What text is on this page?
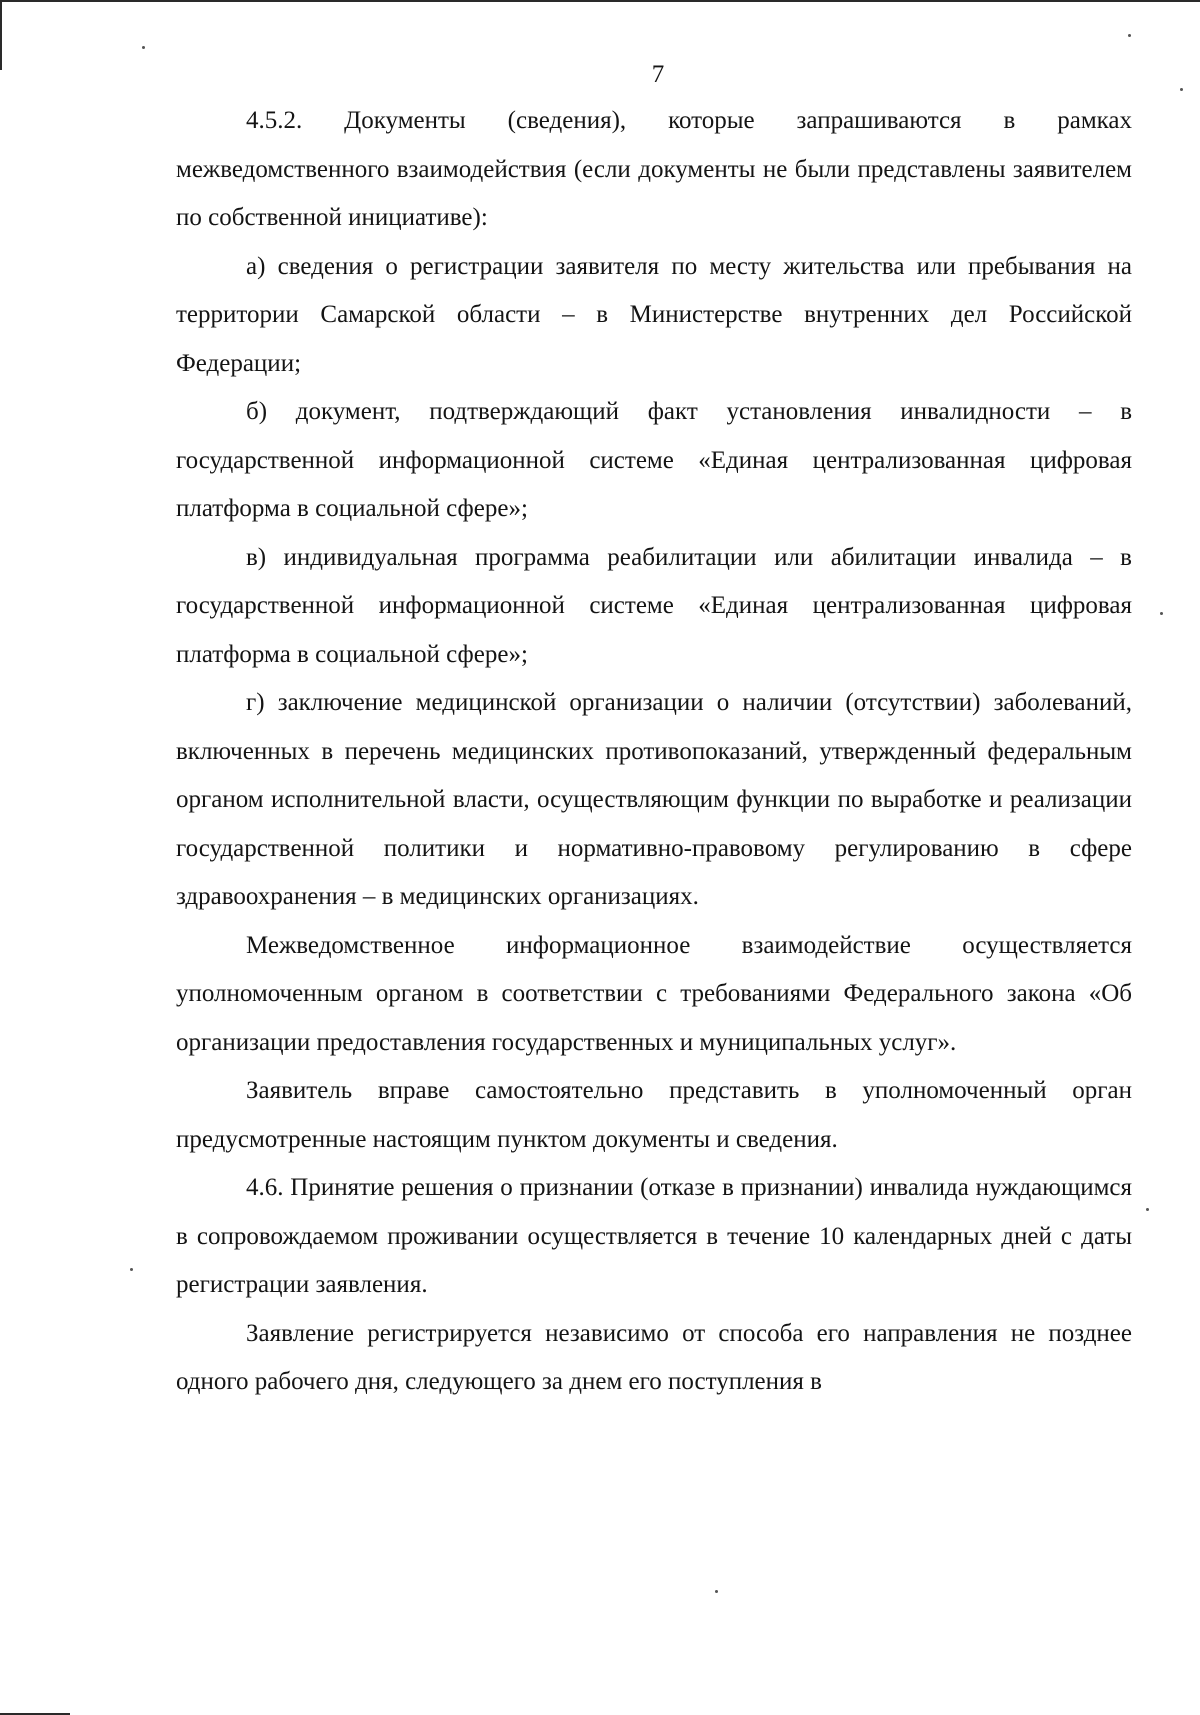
7

4.5.2. Документы (сведения), которые запрашиваются в рамках межведомственного взаимодействия (если документы не были представлены заявителем по собственной инициативе):

а) сведения о регистрации заявителя по месту жительства или пребывания на территории Самарской области – в Министерстве внутренних дел Российской Федерации;

б) документ, подтверждающий факт установления инвалидности – в государственной информационной системе «Единая централизованная цифровая платформа в социальной сфере»;

в) индивидуальная программа реабилитации или абилитации инвалида – в государственной информационной системе «Единая централизованная цифровая платформа в социальной сфере»;

г) заключение медицинской организации о наличии (отсутствии) заболеваний, включенных в перечень медицинских противопоказаний, утвержденный федеральным органом исполнительной власти, осуществляющим функции по выработке и реализации государственной политики и нормативно-правовому регулированию в сфере здравоохранения – в медицинских организациях.

Межведомственное информационное взаимодействие осуществляется уполномоченным органом в соответствии с требованиями Федерального закона «Об организации предоставления государственных и муниципальных услуг».

Заявитель вправе самостоятельно представить в уполномоченный орган предусмотренные настоящим пунктом документы и сведения.

4.6. Принятие решения о признании (отказе в признании) инвалида нуждающимся в сопровождаемом проживании осуществляется в течение 10 календарных дней с даты регистрации заявления.

Заявление регистрируется независимо от способа его направления не позднее одного рабочего дня, следующего за днем его поступления в
